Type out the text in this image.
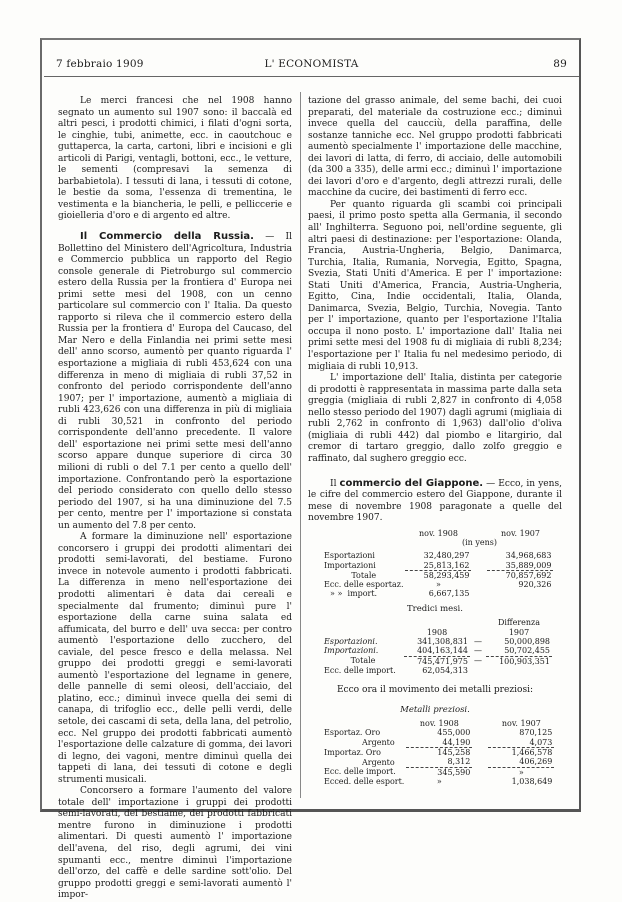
7 febbraio 1909	L' ECONOMISTA	89

Le merci francesi che nel 1908 hanno segnato un aumento sul 1907 sono: il baccalà ed altri pesci, i prodotti chimici, i filati d'ogni sorta, le cinghie, tubi, animette, ecc. in caoutchouc e guttaperca, la carta, cartoni, libri e incisioni e gli articoli di Parigi, ventagli, bottoni, ecc., le vetture, le sementi (compresavi la semenza di barbabietola). I tessuti di lana, i tessuti di cotone, le bestie da soma, l'essenza di trementina, le vestimenta e la biancheria, le pelli, e pelliccerie e gioielleria d'oro e di argento ed altre.

Il Commercio della Russia. — Il Bollettino del Ministero dell'Agricoltura, Industria e Commercio pubblica un rapporto del Regio console generale di Pietroburgo sul commercio estero della Russia per la frontiera d' Europa nei primi sette mesi del 1908, con un cenno particolare sul commercio con l' Italia. Da questo rapporto si rileva che il commercio estero della Russia per la frontiera d' Europa del Caucaso, del Mar Nero e della Finlandia nei primi sette mesi dell' anno scorso, aumentò per quanto riguarda l' esportazione a migliaia di rubli 453,624 con una differenza in meno di migliaia di rubli 37,52 in confronto del periodo corrispondente dell'anno 1907; per l' importazione, aumentò a migliaia di rubli 423,626 con una differenza in più di migliaia di rubli 30,521 in confronto del periodo corrispondente dell'anno precedente. Il valore dell' esportazione nei primi sette mesi dell'anno scorso appare dunque superiore di circa 30 milioni di rubli o del 7.1 per cento a quello dell' importazione. Confrontando però la esportazione del periodo considerato con quello dello stesso periodo del 1907, si ha una diminuzione del 7.5 per cento, mentre per l' importazione si constata un aumento del 7.8 per cento.

A formare la diminuzione nell' esportazione concorsero i gruppi dei prodotti alimentari dei prodotti semi-lavorati, del bestiame. Furono invece in notevole aumento i prodotti fabbricati. La differenza in meno nell'esportazione dei prodotti alimentari è data dai cereali e specialmente dal frumento; diminuì pure l' esportazione della carne suina salata ed affumicata, del burro e dell' uva secca: per contro aumentò l'esportazione dello zucchero, del caviale, del pesce fresco e della melassa. Nel gruppo dei prodotti greggi e semi-lavorati aumentò l'esportazione del legname in genere, delle pannelle di semi oleosi, dell'acciaio, del platino, ecc.; diminuì invece quella dei semi di canapa, di trifoglio ecc., delle pelli verdi, delle setole, dei cascami di seta, della lana, del petrolio, ecc. Nel gruppo dei prodotti fabbricati aumentò l'esportazione delle calzature di gomma, dei lavori di legno, dei vagoni, mentre diminuì quella dei tappeti di lana, dei tessuti di cotone e degli strumenti musicali.

Concorsero a formare l'aumento del valore totale dell' importazione i gruppi dei prodotti semi-lavorati, del bestiame, dei prodotti fabbricati mentre furono in diminuzione i prodotti alimentari. Di questi aumentò l' importazione dell'avena, del riso, degli agrumi, dei vini spumanti ecc., mentre diminuì l'importazione dell'orzo, del caffè e delle sardine sott'olio. Del gruppo prodotti greggi e semi-lavorati aumentò l' impor-

tazione del grasso animale, del seme bachi, dei cuoi preparati, del materiale da costruzione ecc.; diminuì invece quella del caucciù, della paraffina, delle sostanze tanniche ecc. Nel gruppo prodotti fabbricati aumentò specialmente l' importazione delle macchine, dei lavori di latta, di ferro, di acciaio, delle automobili (da 300 a 335), delle armi ecc.; diminuì l' importazione dei lavori d'oro e d'argento, degli attrezzi rurali, delle macchine da cucire, dei bastimenti di ferro ecc.

Per quanto riguarda gli scambi coi principali paesi, il primo posto spetta alla Germania, il secondo all' Inghilterra. Seguono poi, nell'ordine seguente, gli altri paesi di destinazione: per l'esportazione: Olanda, Francia, Austria-Ungheria, Belgio, Danimarca, Turchia, Italia, Rumania, Norvegia, Egitto, Spagna, Svezia, Stati Uniti d'America. E per l' importazione: Stati Uniti d'America, Francia, Austria-Ungheria, Egitto, Cina, Indie occidentali, Italia, Olanda, Danimarca, Svezia, Belgio, Turchia, Novegia. Tanto per l' importazione, quanto per l'esportazione l'Italia occupa il nono posto. L' importazione dall' Italia nei primi sette mesi del 1908 fu di migliaia di rubli 8,234; l'esportazione per l' Italia fu nel medesimo periodo, di migliaia di rubli 10,913.

L' importazione dell' Italia, distinta per categorie di prodotti è rappresentata in massima parte dalla seta greggia (migliaia di rubli 2,827 in confronto di 4,058 nello stesso periodo del 1907) dagli agrumi (migliaia di rubli 2,762 in confronto di 1,963) dall'olio d'oliva (migliaia di rubli 442) dal piombo e litargirio, dal cremor di tartaro greggio, dallo zolfo greggio e raffinato, dal sughero greggio ecc.

Il commercio del Giappone. — Ecco, in yens, le cifre del commercio estero del Giappone, durante il mese di novembre 1908 paragonate a quelle del novembre 1907.

	nov. 1908		nov. 1907
	(in yens)		

Esportazioni	32,480,297		34,968,683
Importazioni	25,813,162		35,889,009
Totale	58,293,459		70,857,692
Ecc. delle esportaz.	»		920,326
» » import.	6,667,135		
Tredici mesi.
			Differenza
	1908		1907
Esportazioni.	341,308,831	—	50,000,898
Importazioni.	404,163,144	—	50,702,455
Totale	745,471,975	—	100,903,351
Ecc. delle import.	62,054,313		
Ecco ora il movimento dei metalli preziosi:
Metalli preziosi.
	nov. 1908		nov. 1907
Esportaz. Oro	455,000		870,125
Argento	44,190		4,073
Importaz. Oro	145,258		1,466,578
Argento	8,312		406,269
Ecc. delle import.	345,590		»
Ecced. delle esport.	»		1,038,649
